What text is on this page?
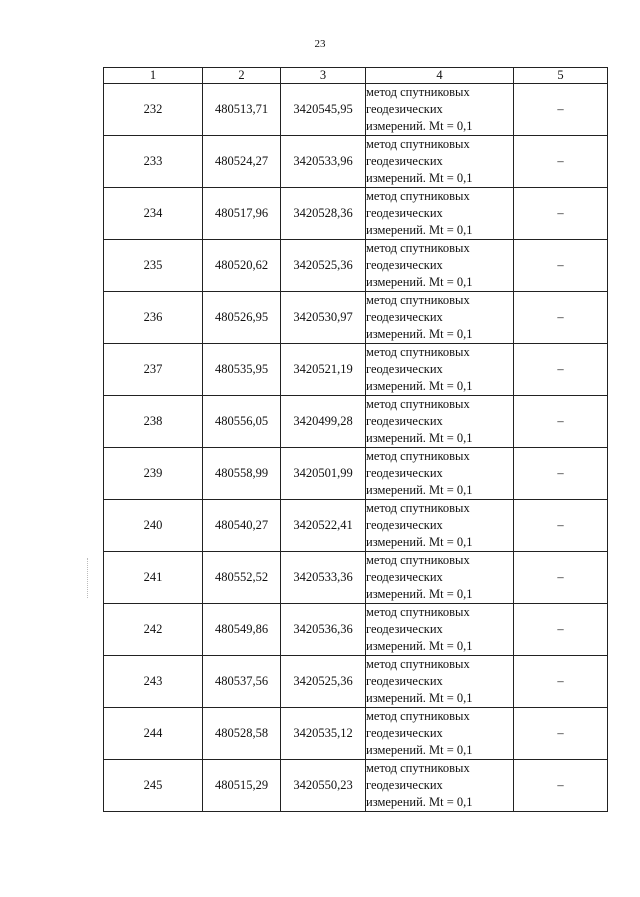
23
1	2	3	4	5
232	480513,71	3420545,95	метод спутниковых
геодезических
измерений. Mt = 0,1	–
233	480524,27	3420533,96	метод спутниковых
геодезических
измерений. Mt = 0,1	–
234	480517,96	3420528,36	метод спутниковых
геодезических
измерений. Mt = 0,1	–
235	480520,62	3420525,36	метод спутниковых
геодезических
измерений. Mt = 0,1	–
236	480526,95	3420530,97	метод спутниковых
геодезических
измерений. Mt = 0,1	–
237	480535,95	3420521,19	метод спутниковых
геодезических
измерений. Mt = 0,1	–
238	480556,05	3420499,28	метод спутниковых
геодезических
измерений. Mt = 0,1	–
239	480558,99	3420501,99	метод спутниковых
геодезических
измерений. Mt = 0,1	–
240	480540,27	3420522,41	метод спутниковых
геодезических
измерений. Mt = 0,1	–
241	480552,52	3420533,36	метод спутниковых
геодезических
измерений. Mt = 0,1	–
242	480549,86	3420536,36	метод спутниковых
геодезических
измерений. Mt = 0,1	–
243	480537,56	3420525,36	метод спутниковых
геодезических
измерений. Mt = 0,1	–
244	480528,58	3420535,12	метод спутниковых
геодезических
измерений. Mt = 0,1	–
245	480515,29	3420550,23	метод спутниковых
геодезических
измерений. Mt = 0,1	–
